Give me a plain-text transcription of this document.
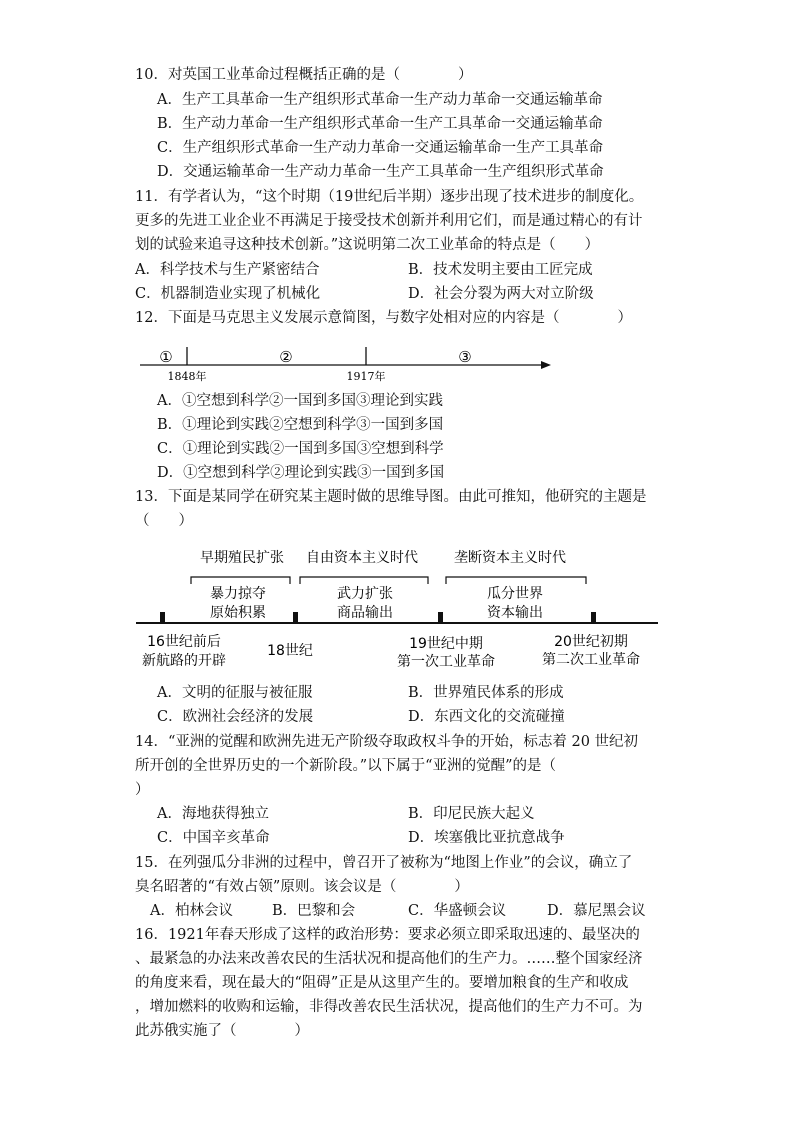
10．对英国工业革命过程概括正确的是（　　　　）
A．生产工具革命一生产组织形式革命一生产动力革命一交通运输革命
B．生产动力革命一生产组织形式革命一生产工具革命一交通运输革命
C．生产组织形式革命一生产动力革命一交通运输革命一生产工具革命
D．交通运输革命一生产动力革命一生产工具革命一生产组织形式革命
11．有学者认为，“这个时期（19世纪后半期）逐步出现了技术进步的制度化。
更多的先进工业企业不再满足于接受技术创新并利用它们，而是通过精心的有计
划的试验来追寻这种技术创新。”这说明第二次工业革命的特点是（　　）
A．科学技术与生产紧密结合	B．技术发明主要由工匠完成
C．机器制造业实现了机械化	D．社会分裂为两大对立阶级
12．下面是马克思主义发展示意简图，与数字处相对应的内容是（　　　　）
①	②	③
1848年	1917年
早期殖民扩张 自由资本主义时代	垄断资本主义时代
暴力掠夺
原始积累
武力扩张
商品输出
瓜分世界
资本输出
16世纪前后
新航路的开辟
18世纪	19世纪中期
第一次工业革命
20世纪初期
第二次工业革命
A．①空想到科学②一国到多国③理论到实践
B．①理论到实践②空想到科学③一国到多国
C．①理论到实践②一国到多国③空想到科学
D．①空想到科学②理论到实践③一国到多国
13．下面是某同学在研究某主题时做的思维导图。由此可推知，他研究的主题是
（　　）
A．文明的征服与被征服	B．世界殖民体系的形成
C．欧洲社会经济的发展	D．东西文化的交流碰撞
14．“亚洲的觉醒和欧洲先进无产阶级夺取政权斗争的开始，标志着 20 世纪初
所开创的全世界历史的一个新阶段。”以下属于“亚洲的觉醒”的是（
）
A．海地获得独立	B．印尼民族大起义
C．中国辛亥革命	D．埃塞俄比亚抗意战争
15．在列强瓜分非洲的过程中，曾召开了被称为“地图上作业”的会议，确立了
臭名昭著的“有效占领”原则。该会议是（　　　　）
A．柏林会议	B．巴黎和会	C．华盛顿会议	D．慕尼黑会议
16．1921年春天形成了这样的政治形势：要求必须立即采取迅速的、最坚决的
、最紧急的办法来改善农民的生活状况和提高他们的生产力。……整个国家经济
的角度来看，现在最大的“阻碍”正是从这里产生的。要增加粮食的生产和收成
，增加燃料的收购和运输，非得改善农民生活状况，提高他们的生产力不可。为
此苏俄实施了（　　　　）
